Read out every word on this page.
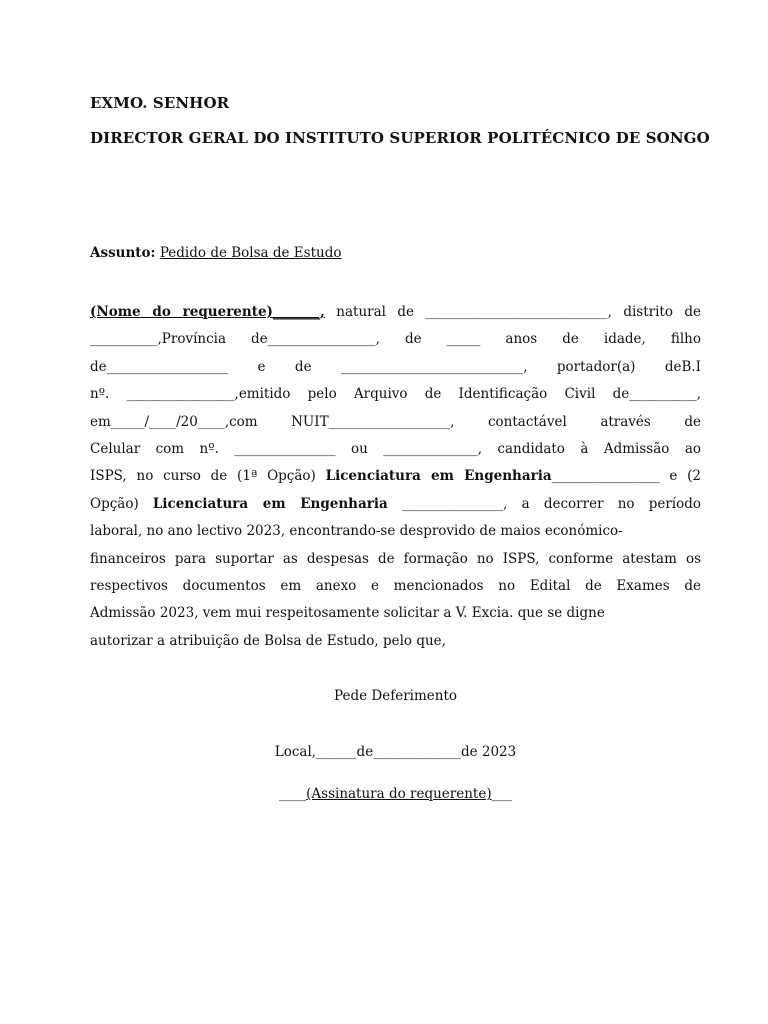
EXMO. SENHOR
DIRECTOR GERAL DO INSTITUTO SUPERIOR POLITÉCNICO DE SONGO
Assunto: Pedido de Bolsa de Estudo
(Nome do requerente)_______, natural de ___________________________, distrito de
__________,Província de________________, de _____ anos de idade, filho
de__________________ e de ___________________________, portador(a) deB.I
nº. ________________,emitido pelo Arquivo de Identificação Civil de__________,
em_____/____/20____,com NUIT__________________, contactável através de
Celular com nº. _______________ ou ______________, candidato à Admissão ao
ISPS, no curso de (1ª Opção) Licenciatura em Engenharia________________ e (2
Opção) Licenciatura em Engenharia _______________, a decorrer no período
laboral, no ano lectivo 2023, encontrando-se desprovido de maios económico-
financeiros para suportar as despesas de formação no ISPS, conforme atestam os
respectivos documentos em anexo e mencionados no Edital de Exames de
Admissão 2023, vem mui respeitosamente solicitar a V. Excia. que se digne
autorizar a atribuição de Bolsa de Estudo, pelo que,
Pede Deferimento
Local,______de_____________de 2023
____(Assinatura do requerente)___
